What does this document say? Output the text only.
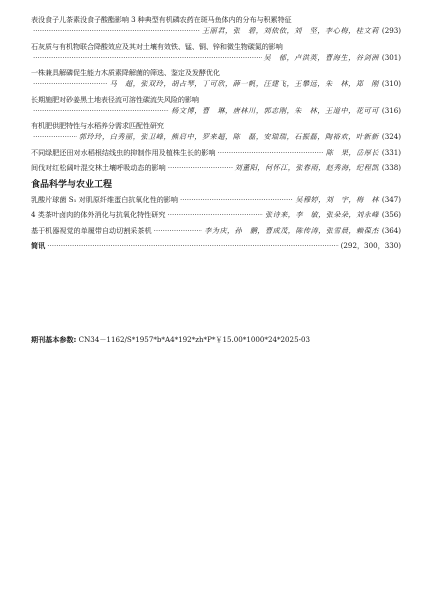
表没食子儿茶素没食子酸酯影响 3 种典型有机磷农药在斑马鱼体内的分布与积累特征
·····
王丽君，张　碧，刘依依，刘　坚，李心梅，桂文莉 (293)
石灰质与有机物联合降酸效应及其对土壤有效铁、锰、铜、锌和微生物碳氮的影响
·····
吴　郁，卢洪英，曹海生，谷剑洲 (301)
一株兼具解磷促生能力木质素降解菌的筛选、鉴定及发酵优化
·····
马　超，张双玲，胡占琴，丁可欣，薛一帆，汪建飞，王攀远，朱　林，郑　刚 (310)
长期施肥对砂姜黑土地表径流可溶性碳流失风险的影响
·····
杨文博，曹　琳，唐林川，郭志刚，朱　林，王道中，花可可 (316)
有机肥供肥特性与水稻养分需求匹配性研究
·····
郭玲玲，白秀丽，张卫峰，熊启中，罗来超，陈　磊，安瑞瑞，石振磊，陶裕欢，叶新新 (324)
不同绿肥还田对水稻根结线虫的抑制作用及植株生长的影响 ·····	陈　果，岳厚长 (331)
间伐对红松阔叶混交林土壤呼吸动态的影响 ·····	刘董阳，何怀江，张春雨，赵秀海，纪程凯 (338)
食品科学与农业工程
乳酸片球菌 S₁ 对肌原纤维蛋白抗氧化性的影响 ·····	吴穆婷，刘　宇，梅　林 (347)
4 类茶叶卤肉的体外消化与抗氧化特性研究 ·····	张诗来，李　敏，张朵朵，刘永峰 (356)
基于机器视觉的单履带自动切割采茶机 ·····	李为庆，孙　鹏，曹成茂，陈传涛，张雪晨，赖葆杰 (364)
简讯 ·····	(292，300，330)
期刊基本参数: CN34－1162/S*1957*b*A4*192*zh*P*￥15.00*1000*24*2025-03
